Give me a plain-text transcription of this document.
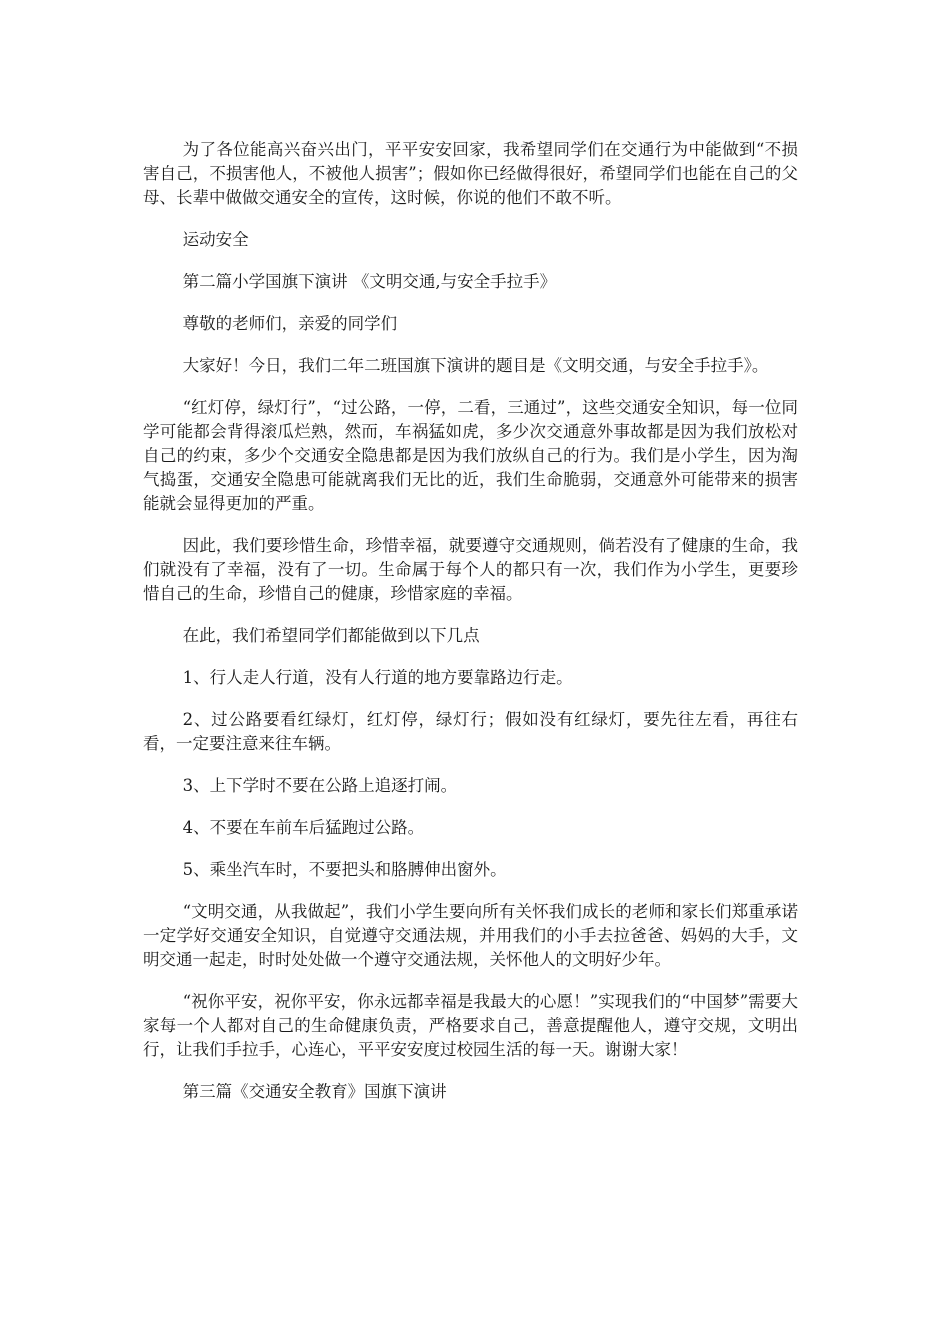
为了各位能高兴奋兴出门，平平安安回家，我希望同学们在交通行为中能做到“不损害自己，不损害他人，不被他人损害”；假如你已经做得很好，希望同学们也能在自己的父母、长辈中做做交通安全的宣传，这时候，你说的他们不敢不听。

运动安全

第二篇小学国旗下演讲 《文明交通,与安全手拉手》

尊敬的老师们，亲爱的同学们

大家好！今日，我们二年二班国旗下演讲的题目是《文明交通，与安全手拉手》。

“红灯停，绿灯行”，“过公路，一停，二看，三通过”，这些交通安全知识，每一位同学可能都会背得滚瓜烂熟，然而，车祸猛如虎，多少次交通意外事故都是因为我们放松对自己的约束，多少个交通安全隐患都是因为我们放纵自己的行为。我们是小学生，因为淘气捣蛋，交通安全隐患可能就离我们无比的近，我们生命脆弱，交通意外可能带来的损害能就会显得更加的严重。

因此，我们要珍惜生命，珍惜幸福，就要遵守交通规则，倘若没有了健康的生命，我们就没有了幸福，没有了一切。生命属于每个人的都只有一次，我们作为小学生，更要珍惜自己的生命，珍惜自己的健康，珍惜家庭的幸福。

在此，我们希望同学们都能做到以下几点

1、行人走人行道，没有人行道的地方要靠路边行走。

2、过公路要看红绿灯，红灯停，绿灯行；假如没有红绿灯，要先往左看，再往右看，一定要注意来往车辆。

3、上下学时不要在公路上追逐打闹。

4、不要在车前车后猛跑过公路。

5、乘坐汽车时，不要把头和胳膊伸出窗外。

“文明交通，从我做起”，我们小学生要向所有关怀我们成长的老师和家长们郑重承诺一定学好交通安全知识，自觉遵守交通法规，并用我们的小手去拉爸爸、妈妈的大手，文明交通一起走，时时处处做一个遵守交通法规，关怀他人的文明好少年。

“祝你平安，祝你平安，你永远都幸福是我最大的心愿！”实现我们的“中国梦”需要大家每一个人都对自己的生命健康负责，严格要求自己，善意提醒他人，遵守交规，文明出行，让我们手拉手，心连心，平平安安度过校园生活的每一天。谢谢大家！

第三篇《交通安全教育》国旗下演讲
